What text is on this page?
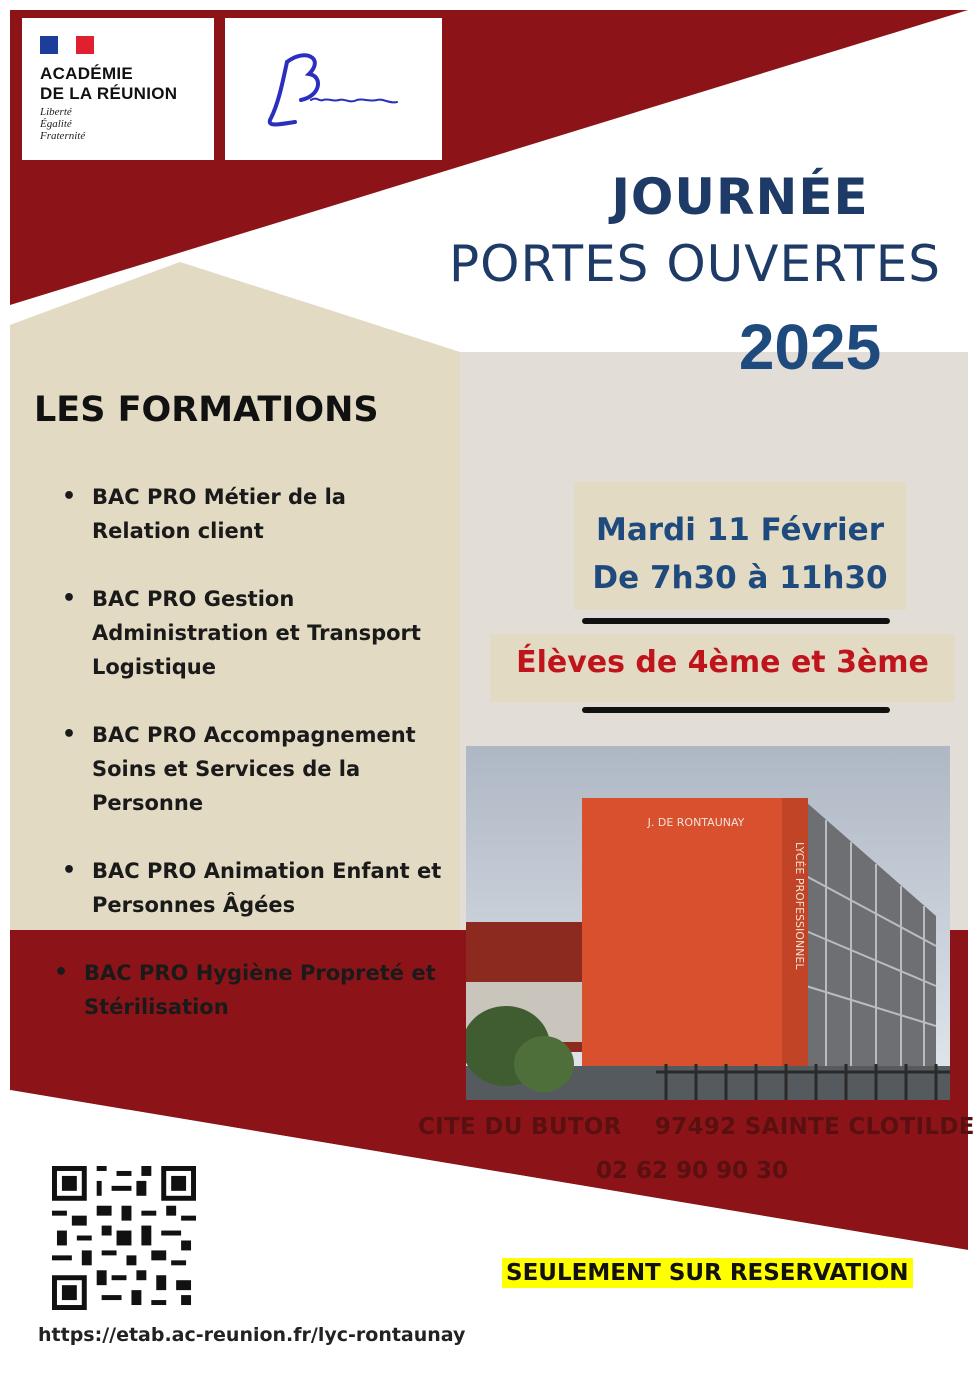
ACADÉMIE
DE LA RÉUNION
Liberté
Égalité
Fraternité
JOURNÉE
PORTES OUVERTES
2025
LES FORMATIONS
• BAC PRO Métier de la Relation client
• BAC PRO Gestion Administration et Transport Logistique
• BAC PRO Accompagnement Soins et Services de la Personne
• BAC PRO Animation Enfant et Personnes Âgées
• BAC PRO Hygiène Propreté et Stérilisation
Mardi 11 Février
De 7h30 à 11h30
Élèves de 4ème et 3ème
J. DE RONTAUNAY
LYCÉE PROFESSIONNEL
CITE DU BUTOR    97492 SAINTE CLOTILDE
02 62 90 90 30
https://etab.ac-reunion.fr/lyc-rontaunay
SEULEMENT SUR RESERVATION
